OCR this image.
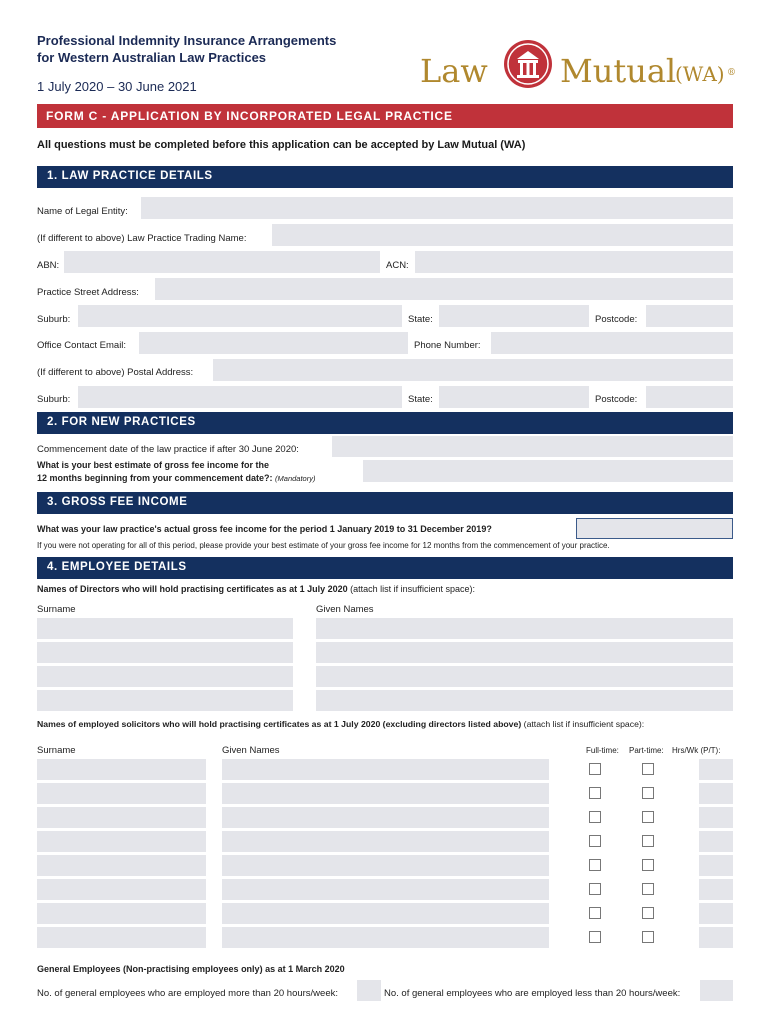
Professional Indemnity Insurance Arrangements
for Western Australian Law Practices
1 July 2020 – 30 June 2021	Law Mutual
(WA) ®
FORM C - APPLICATION BY INCORPORATED LEGAL PRACTICE
All questions must be completed before this application can be accepted by Law Mutual (WA)
1. LAW PRACTICE DETAILS
Name of Legal Entity:
(If different to above) Law Practice Trading Name:
ABN:	ACN:
Practice Street Address:
Suburb:	State:	Postcode:
Office Contact Email:	Phone Number:
(If different to above) Postal Address:
Suburb:	State:	Postcode:
2. FOR NEW PRACTICES
Commencement date of the law practice if after 30 June 2020:
What is your best estimate of gross fee income for the
12 months beginning from your commencement date?: (Mandatory)
3. GROSS FEE INCOME
What was your law practice's actual gross fee income for the period 1 January 2019 to 31 December 2019?
If you were not operating for all of this period, please provide your best estimate of your gross fee income for 12 months from the commencement of your practice.
4. EMPLOYEE DETAILS
Names of Directors who will hold practising certificates as at 1 July 2020 (attach list if insufficient space):
Surname	Given Names
Names of employed solicitors who will hold practising certificates as at 1 July 2020 (excluding directors listed above) (attach list if insufficient space):
Surname	Given Names	Full-time: Part-time: Hrs/Wk (P/T):
General Employees (Non-practising employees only) as at 1 March 2020
No. of general employees who are employed more than 20 hours/week:	No. of general employees who are employed less than 20 hours/week:
